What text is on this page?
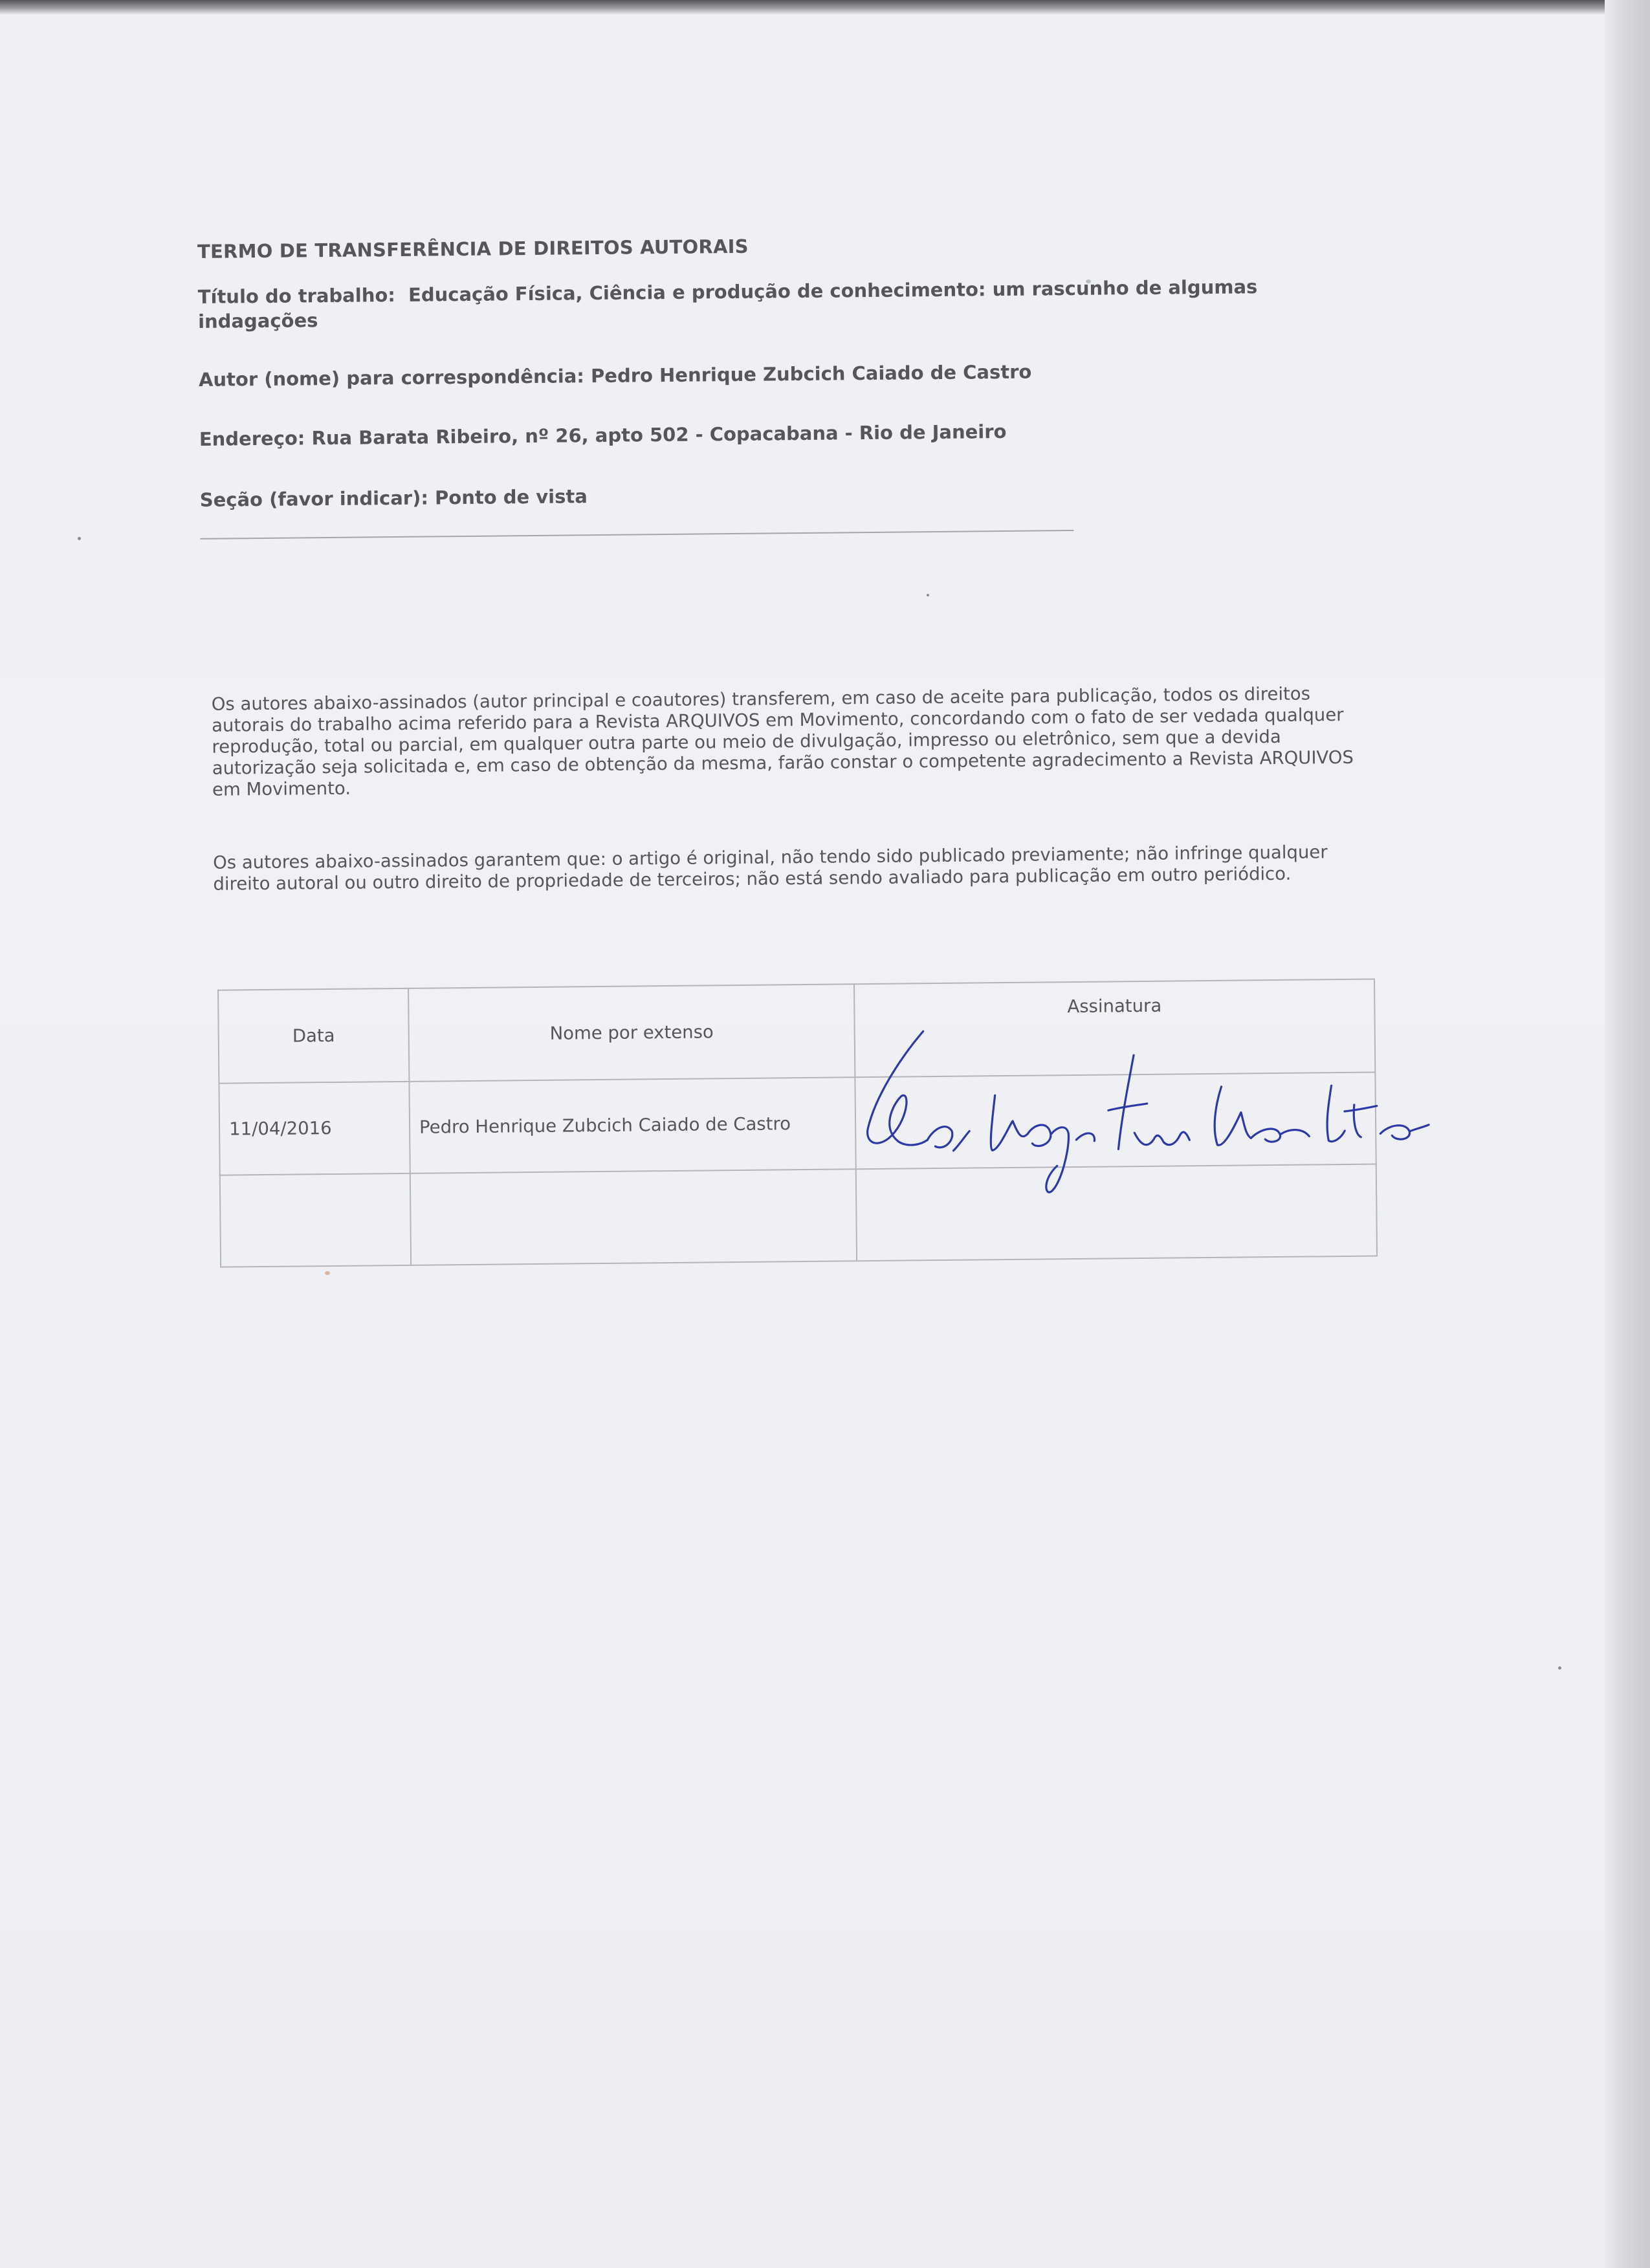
TERMO DE TRANSFERÊNCIA DE DIREITOS AUTORAIS
Título do trabalho: Educação Física, Ciência e produção de conhecimento: um rascunho de algumas indagações
Autor (nome) para correspondência: Pedro Henrique Zubcich Caiado de Castro
Endereço: Rua Barata Ribeiro, nº 26, apto 502 - Copacabana - Rio de Janeiro
Seção (favor indicar): Ponto de vista

Os autores abaixo-assinados (autor principal e coautores) transferem, em caso de aceite para publicação, todos os direitos autorais do trabalho acima referido para a Revista ARQUIVOS em Movimento, concordando com o fato de ser vedada qualquer reprodução, total ou parcial, em qualquer outra parte ou meio de divulgação, impresso ou eletrônico, sem que a devida autorização seja solicitada e, em caso de obtenção da mesma, farão constar o competente agradecimento a Revista ARQUIVOS em Movimento.

Os autores abaixo-assinados garantem que: o artigo é original, não tendo sido publicado previamente; não infringe qualquer direito autoral ou outro direito de propriedade de terceiros; não está sendo avaliado para publicação em outro periódico.

Data	Nome por extenso	Assinatura
11/04/2016	Pedro Henrique Zubcich Caiado de Castro	
